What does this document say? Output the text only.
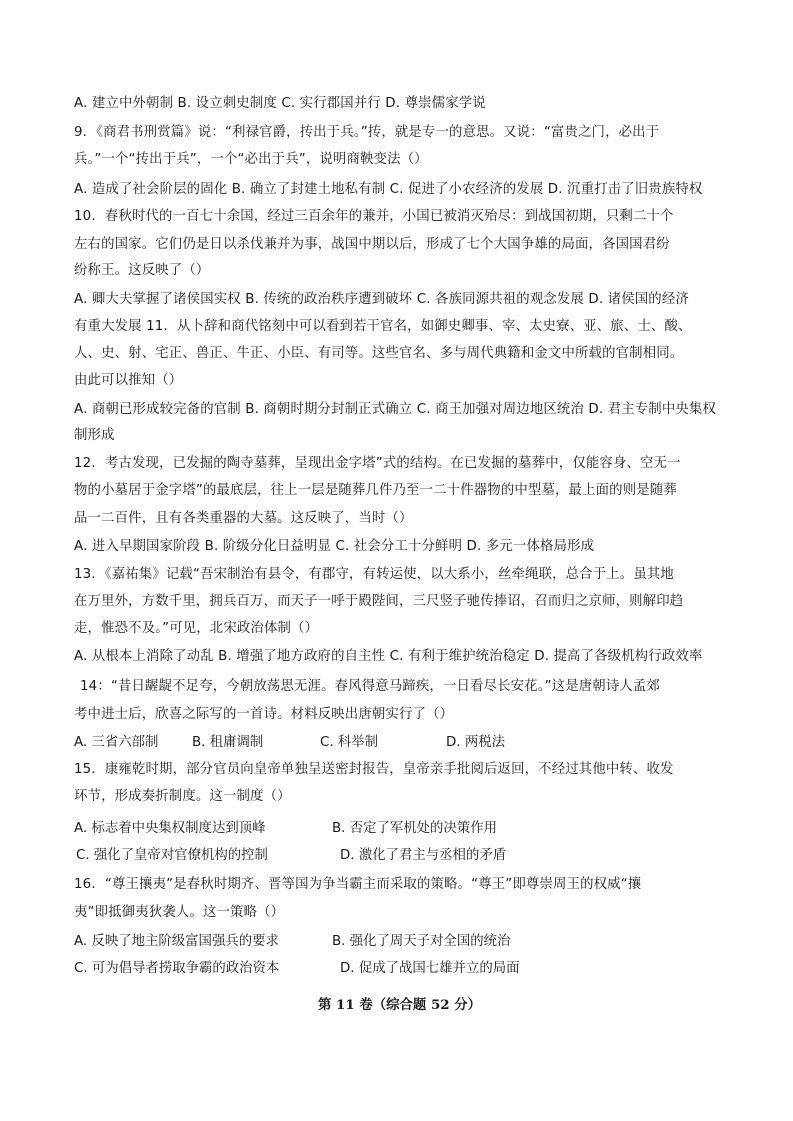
A. 建立中外朝制 B. 设立刺史制度 C. 实行郡国并行 D. 尊崇儒家学说
9．《商君书刑赏篇》说：“利禄官爵，抟出于兵。”抟，就是专一的意思。又说：“富贵之门，必出于
兵。”一个“抟出于兵”，一个“必出于兵”，说明商鞅变法（）
A. 造成了社会阶层的固化 B. 确立了封建土地私有制 C. 促进了小农经济的发展 D. 沉重打击了旧贵族特权
10．春秋时代的一百七十余国，经过三百余年的兼并，小国已被消灭殆尽：到战国初期，只剩二十个
左右的国家。它们仍是日以杀伐兼并为事，战国中期以后，形成了七个大国争雄的局面，各国国君纷
纷称王。这反映了（）
A. 卿大夫掌握了诸侯国实权 B. 传统的政治秩序遭到破坏 C. 各族同源共祖的观念发展 D. 诸侯国的经济
有重大发展 11．从卜辞和商代铭刻中可以看到若干官名，如御史卿事、宰、太史寮、亚、旅、士、酸、
人、史、射、宅正、兽正、牛正、小臣、有司等。这些官名、多与周代典籍和金文中所载的官制相同。
由此可以推知（）
A. 商朝已形成较完备的官制 B. 商朝时期分封制正式确立 C. 商王加强对周边地区统治 D. 君主专制中央集权
制形成
12．考古发现，已发掘的陶寺墓葬，呈现出金字塔”式的结构。在已发掘的墓葬中，仅能容身、空无一
物的小墓居于金字塔”的最底层，往上一层是随葬几件乃至一二十件器物的中型墓，最上面的则是随葬
品一二百件，且有各类重器的大墓。这反映了，当时（）
A. 进入早期国家阶段 B. 阶级分化日益明显 C. 社会分工十分鲜明 D. 多元一体格局形成
13．《嘉祐集》记载“吾宋制治有县令，有郡守，有转运使，以大系小，丝牵绳联，总合于上。虽其地
在万里外，方数千里，拥兵百万，而天子一呼于殿陛间，三尺竖子驰传捧诏，召而归之京师，则解印趋
走，惟恐不及。”可见，北宋政治体制（）
A. 从根本上消除了动乱 B. 增强了地方政府的自主性 C. 有利于维护统治稳定 D. 提高了各级机构行政效率
14：“昔日龌龊不足夸，今朝放荡思无涯。春风得意马蹄疾，一日看尽长安花。”这是唐朝诗人孟郊
考中进士后，欣喜之际写的一首诗。材料反映出唐朝实行了（）
A. 三省六部制	B. 租庸调制	C. 科举制	D. 两税法
15．康雍乾时期，部分官员向皇帝单独呈送密封报告，皇帝亲手批阅后返回，不经过其他中转、收发
环节，形成奏折制度。这一制度（）
A. 标志着中央集权制度达到顶峰	B. 否定了军机处的决策作用
C. 强化了皇帝对官僚机构的控制	D. 激化了君主与丞相的矛盾
16．“尊王攘夷”是春秋时期齐、晋等国为争当霸主而采取的策略。“尊王”即尊崇周王的权威“攘
夷”即抵御夷狄袭人。这一策略（）
A. 反映了地主阶级富国强兵的要求	B. 强化了周天子对全国的统治
C. 可为倡导者捞取争霸的政治资本	D. 促成了战国七雄并立的局面
第 11 卷（综合题 52 分）
